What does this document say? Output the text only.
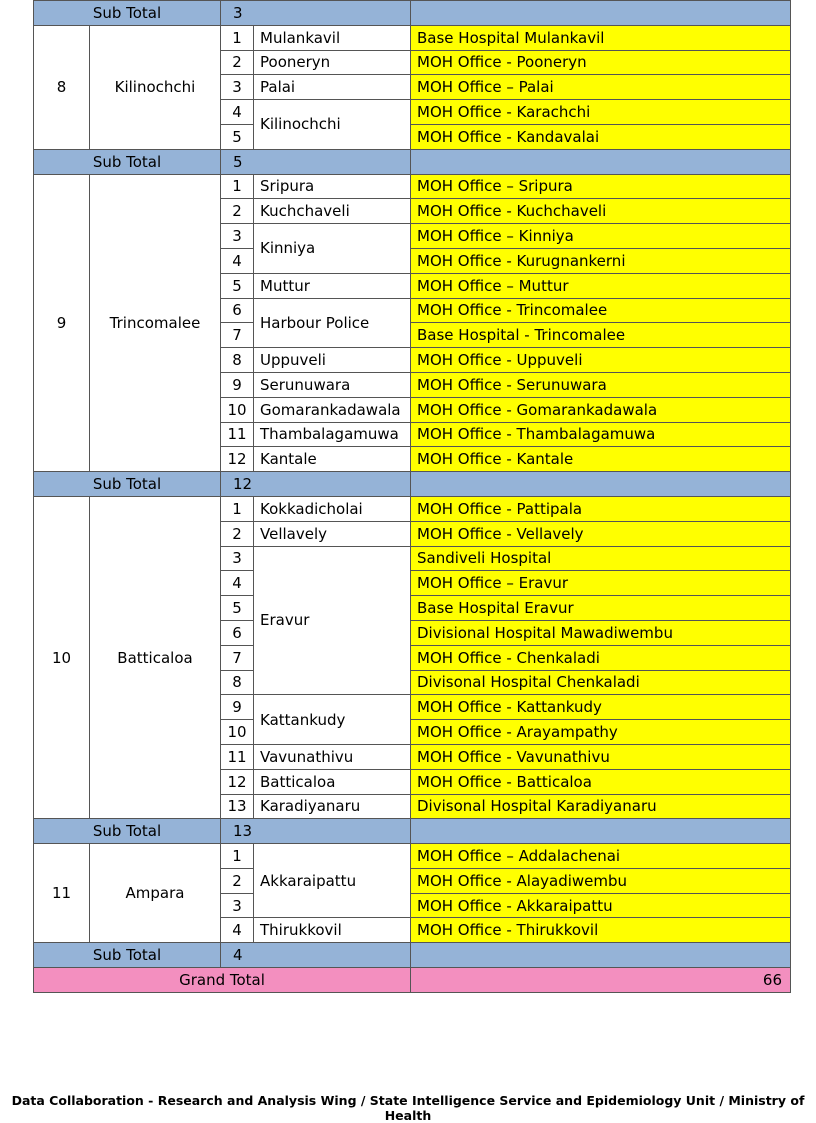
Sub Total		3		
8	Kilinochchi	1	Mulankavil	Base Hospital Mulankavil
		2	Pooneryn	MOH Office - Pooneryn
		3	Palai	MOH Office – Palai
		4	Kilinochchi	MOH Office - Karachchi
		5		MOH Office - Kandavalai
Sub Total		5		
9	Trincomalee	1	Sripura	MOH Office – Sripura
		2	Kuchchaveli	MOH Office - Kuchchaveli
		3	Kinniya	MOH Office – Kinniya
		4		MOH Office - Kurugnankerni
		5	Muttur	MOH Office – Muttur
		6	Harbour Police	MOH Office - Trincomalee
		7		Base Hospital - Trincomalee
		8	Uppuveli	MOH Office - Uppuveli
		9	Serunuwara	MOH Office - Serunuwara
		10	Gomarankadawala	MOH Office - Gomarankadawala
		11	Thambalagamuwa	MOH Office - Thambalagamuwa
		12	Kantale	MOH Office - Kantale
Sub Total		12		
10	Batticaloa	1	Kokkadicholai	MOH Office - Pattipala
		2	Vellavely	MOH Office - Vellavely
		3	Eravur	Sandiveli Hospital
		4		MOH Office – Eravur
		5		Base Hospital Eravur
		6		Divisional Hospital Mawadiwembu
		7		MOH Office - Chenkaladi
		8		Divisonal Hospital Chenkaladi
		9	Kattankudy	MOH Office - Kattankudy
		10		MOH Office - Arayampathy
		11	Vavunathivu	MOH Office - Vavunathivu
		12	Batticaloa	MOH Office - Batticaloa
		13	Karadiyanaru	Divisonal Hospital Karadiyanaru
Sub Total		13		
11	Ampara	1	Akkaraipattu	MOH Office – Addalachenai
		2		MOH Office - Alayadiwembu
		3		MOH Office - Akkaraipattu
		4	Thirukkovil	MOH Office - Thirukkovil
Sub Total		4		
Grand Total				66
Data Collaboration - Research and Analysis Wing / State Intelligence Service and Epidemiology Unit / Ministry of Health
